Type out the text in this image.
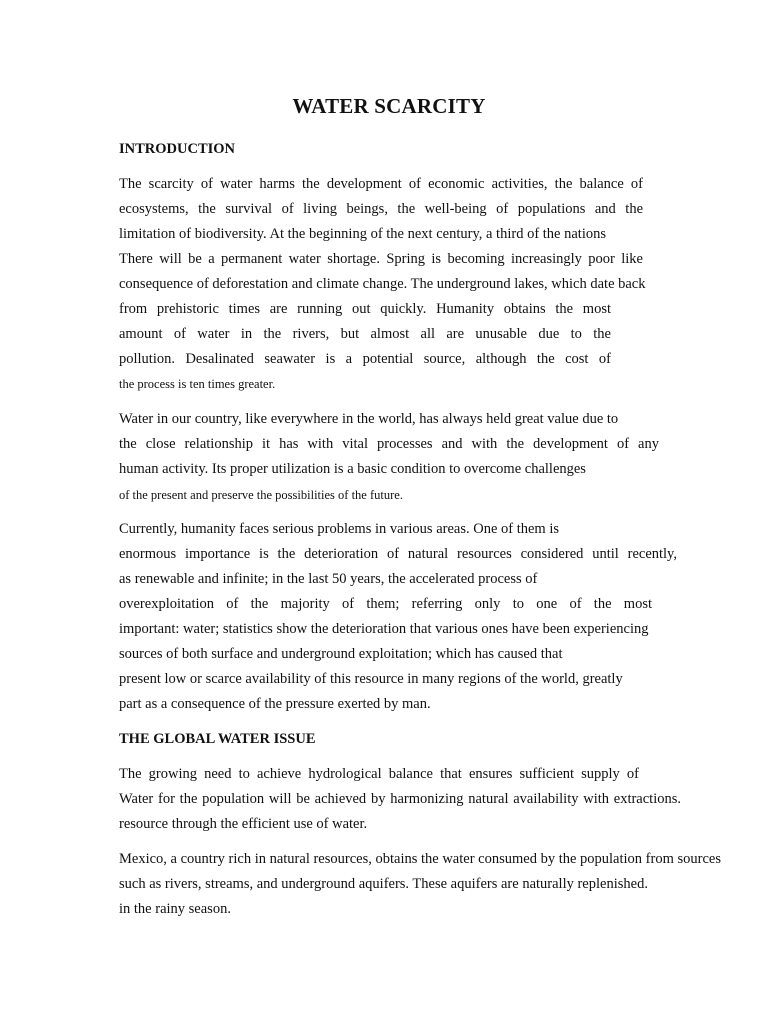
WATER SCARCITY
INTRODUCTION
The scarcity of water harms the development of economic activities, the balance of
ecosystems, the survival of living beings, the well-being of populations and the
limitation of biodiversity. At the beginning of the next century, a third of the nations
There will be a permanent water shortage. Spring is becoming increasingly poor like
consequence of deforestation and climate change. The underground lakes, which date back
from prehistoric times are running out quickly. Humanity obtains the most
amount of water in the rivers, but almost all are unusable due to the
pollution. Desalinated seawater is a potential source, although the cost of
the process is ten times greater.
Water in our country, like everywhere in the world, has always held great value due to
the close relationship it has with vital processes and with the development of any
human activity. Its proper utilization is a basic condition to overcome challenges
of the present and preserve the possibilities of the future.
Currently, humanity faces serious problems in various areas. One of them is
enormous importance is the deterioration of natural resources considered until recently,
as renewable and infinite; in the last 50 years, the accelerated process of
overexploitation of the majority of them; referring only to one of the most
important: water; statistics show the deterioration that various ones have been experiencing
sources of both surface and underground exploitation; which has caused that
present low or scarce availability of this resource in many regions of the world, greatly
part as a consequence of the pressure exerted by man.
THE GLOBAL WATER ISSUE
The growing need to achieve hydrological balance that ensures sufficient supply of
Water for the population will be achieved by harmonizing natural availability with extractions.
resource through the efficient use of water.
Mexico, a country rich in natural resources, obtains the water consumed by the population from sources
such as rivers, streams, and underground aquifers. These aquifers are naturally replenished.
in the rainy season.
